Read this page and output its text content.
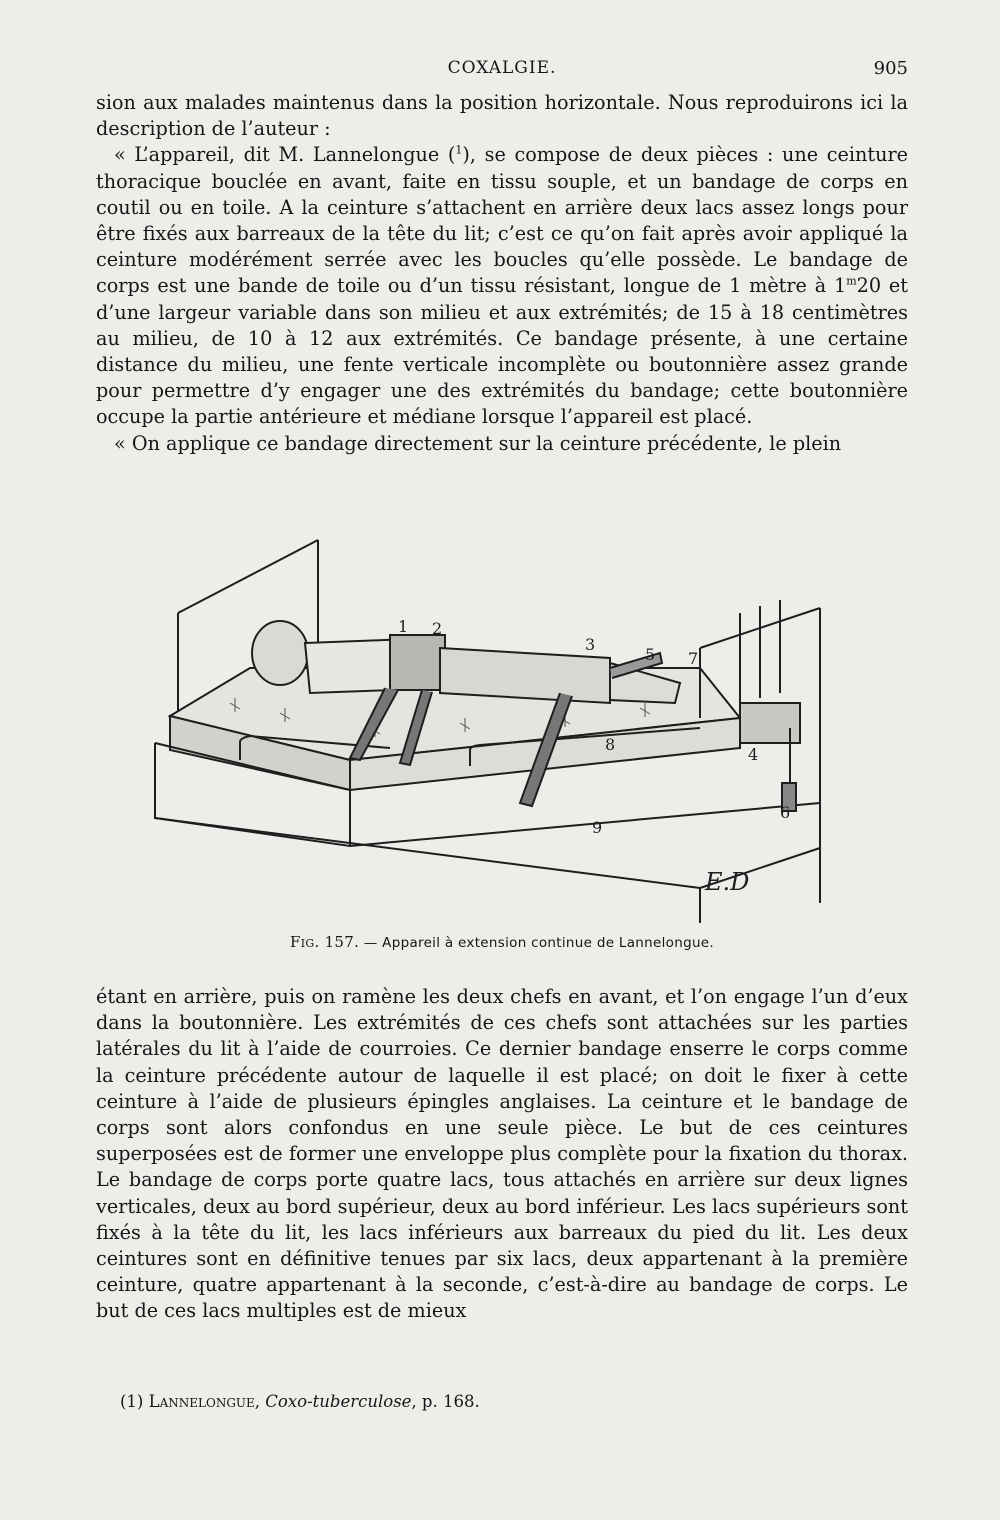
COXALGIE.	905

sion aux malades maintenus dans la position horizontale. Nous reproduirons ici la description de l’auteur :

« L’appareil, dit M. Lannelongue ($^1$), se compose de deux pièces : une ceinture thoracique bouclée en avant, faite en tissu souple, et un bandage de corps en coutil ou en toile. A la ceinture s’attachent en arrière deux lacs assez longs pour être fixés aux barreaux de la tête du lit; c’est ce qu’on fait après avoir appliqué la ceinture modérément serrée avec les boucles qu’elle possède. Le bandage de corps est une bande de toile ou d’un tissu résistant, longue de 1 mètre à 1$^m$20 et d’une largeur variable dans son milieu et aux extrémités; de 15 à 18 centimètres au milieu, de 10 à 12 aux extrémités. Ce bandage présente, à une certaine distance du milieu, une fente verticale incomplète ou boutonnière assez grande pour permettre d’y engager une des extrémités du bandage; cette boutonnière occupe la partie antérieure et médiane lorsque l’appareil est placé.

« On applique ce bandage directement sur la ceinture précédente, le plein

1 2
3
5 7
8
9
4
6
E.D
Fig. 157. — Appareil à extension continue de Lannelongue.

étant en arrière, puis on ramène les deux chefs en avant, et l’on engage l’un d’eux dans la boutonnière. Les extrémités de ces chefs sont attachées sur les parties latérales du lit à l’aide de courroies. Ce dernier bandage enserre le corps comme la ceinture précédente autour de laquelle il est placé; on doit le fixer à cette ceinture à l’aide de plusieurs épingles anglaises. La ceinture et le bandage de corps sont alors confondus en une seule pièce. Le but de ces ceintures superposées est de former une enveloppe plus complète pour la fixation du thorax. Le bandage de corps porte quatre lacs, tous attachés en arrière sur deux lignes verticales, deux au bord supérieur, deux au bord inférieur. Les lacs supérieurs sont fixés à la tête du lit, les lacs inférieurs aux barreaux du pied du lit. Les deux ceintures sont en définitive tenues par six lacs, deux appartenant à la première ceinture, quatre appartenant à la seconde, c’est-à-dire au bandage de corps. Le but de ces lacs multiples est de mieux

(1) Lannelongue, Coxo-tuberculose, p. 168.
